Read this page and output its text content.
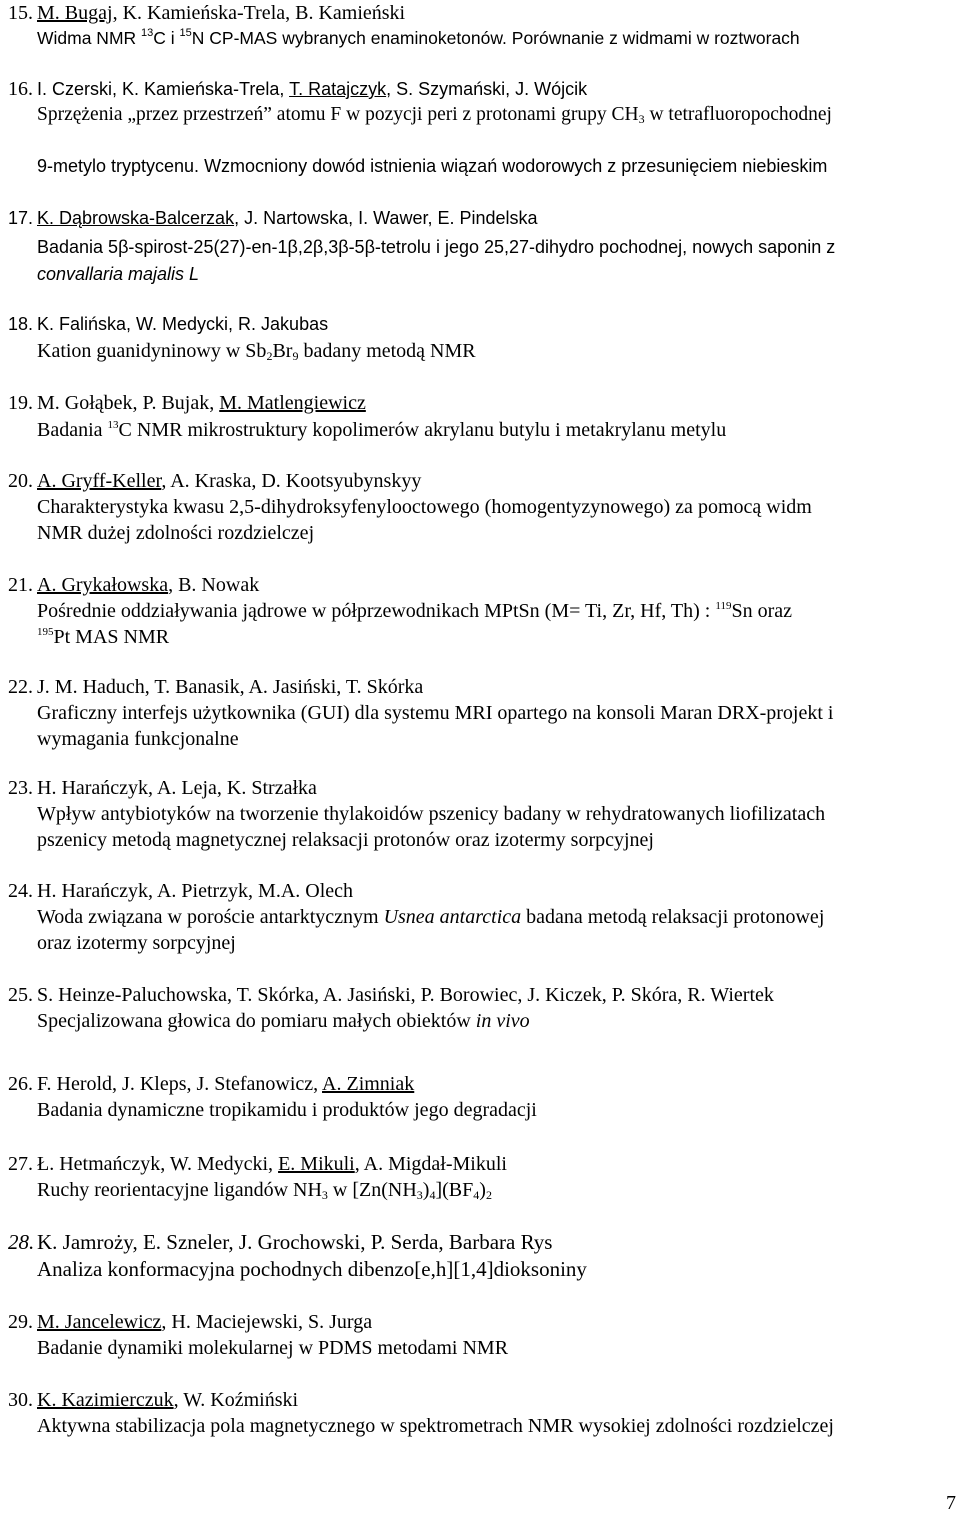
15. M. Bugaj, K. Kamieńska-Trela, B. Kamieński
Widma NMR $^{13}$C i $^{15}$N CP-MAS wybranych enaminoketonów. Porównanie z widmami w roztworach
16. I. Czerski, K. Kamieńska-Trela, T. Ratajczyk, S. Szymański, J. Wójcik
Sprzężenia „przez przestrzeń” atomu F w pozycji peri z protonami grupy $CH_3$ w tetrafluoropochodnej
9-metylo tryptycenu. Wzmocniony dowód istnienia wiązań wodorowych z przesunięciem niebieskim
17. K. Dąbrowska-Balcerzak, J. Nartowska, I. Wawer, E. Pindelska
Badania 5β-spirost-25(27)-en-1β,2β,3β-5β-tetrolu i jego 25,27-dihydro pochodnej, nowych saponin z
convallaria majalis L
18. K. Falińska, W. Medycki, R. Jakubas
Kation guanidyninowy w $Sb_2Br_9$ badany metodą NMR
19. M. Gołąbek, P. Bujak, M. Matlengiewicz
Badania $^{13}$C NMR mikrostruktury kopolimerów akrylanu butylu i metakrylanu metylu
20. A. Gryff-Keller, A. Kraska, D. Kootsyubynskyy
Charakterystyka kwasu 2,5-dihydroksyfenylooctowego (homogentyzynowego) za pomocą widm
NMR dużej zdolności rozdzielczej
21. A. Grykałowska, B. Nowak
Pośrednie oddziaływania jądrowe w półprzewodnikach MPtSn (M= Ti, Zr, Hf, Th) : $^{119}$Sn oraz
$^{195}$Pt MAS NMR
22. J. M. Haduch, T. Banasik, A. Jasiński, T. Skórka
Graficzny interfejs użytkownika (GUI) dla systemu MRI opartego na konsoli Maran DRX-projekt i
wymagania funkcjonalne
23. H. Harańczyk, A. Leja, K. Strzałka
Wpływ antybiotyków na tworzenie thylakoidów pszenicy badany w rehydratowanych liofilizatach
pszenicy metodą magnetycznej relaksacji protonów oraz izotermy sorpcyjnej
24. H. Harańczyk, A. Pietrzyk, M.A. Olech
Woda związana w poroście antarktycznym Usnea antarctica badana metodą relaksacji protonowej
oraz izotermy sorpcyjnej
25. S. Heinze-Paluchowska, T. Skórka, A. Jasiński, P. Borowiec, J. Kiczek, P. Skóra, R. Wiertek
Specjalizowana głowica do pomiaru małych obiektów in vivo
26. F. Herold, J. Kleps, J. Stefanowicz, A. Zimniak
Badania dynamiczne tropikamidu i produktów jego degradacji
27. Ł. Hetmańczyk, W. Medycki, E. Mikuli, A. Migdał-Mikuli
Ruchy reorientacyjne ligandów $NH_3$ w $[Zn(NH_3)_4](BF_4)_2$
28. K. Jamroży, E. Szneler, J. Grochowski, P. Serda, Barbara Rys
Analiza konformacyjna pochodnych dibenzo[e,h][1,4]dioksoniny
29. M. Jancelewicz, H. Maciejewski, S. Jurga
Badanie dynamiki molekularnej w PDMS metodami NMR
30. K. Kazimierczuk, W. Koźmiński
Aktywna stabilizacja pola magnetycznego w spektrometrach NMR wysokiej zdolności rozdzielczej
7
